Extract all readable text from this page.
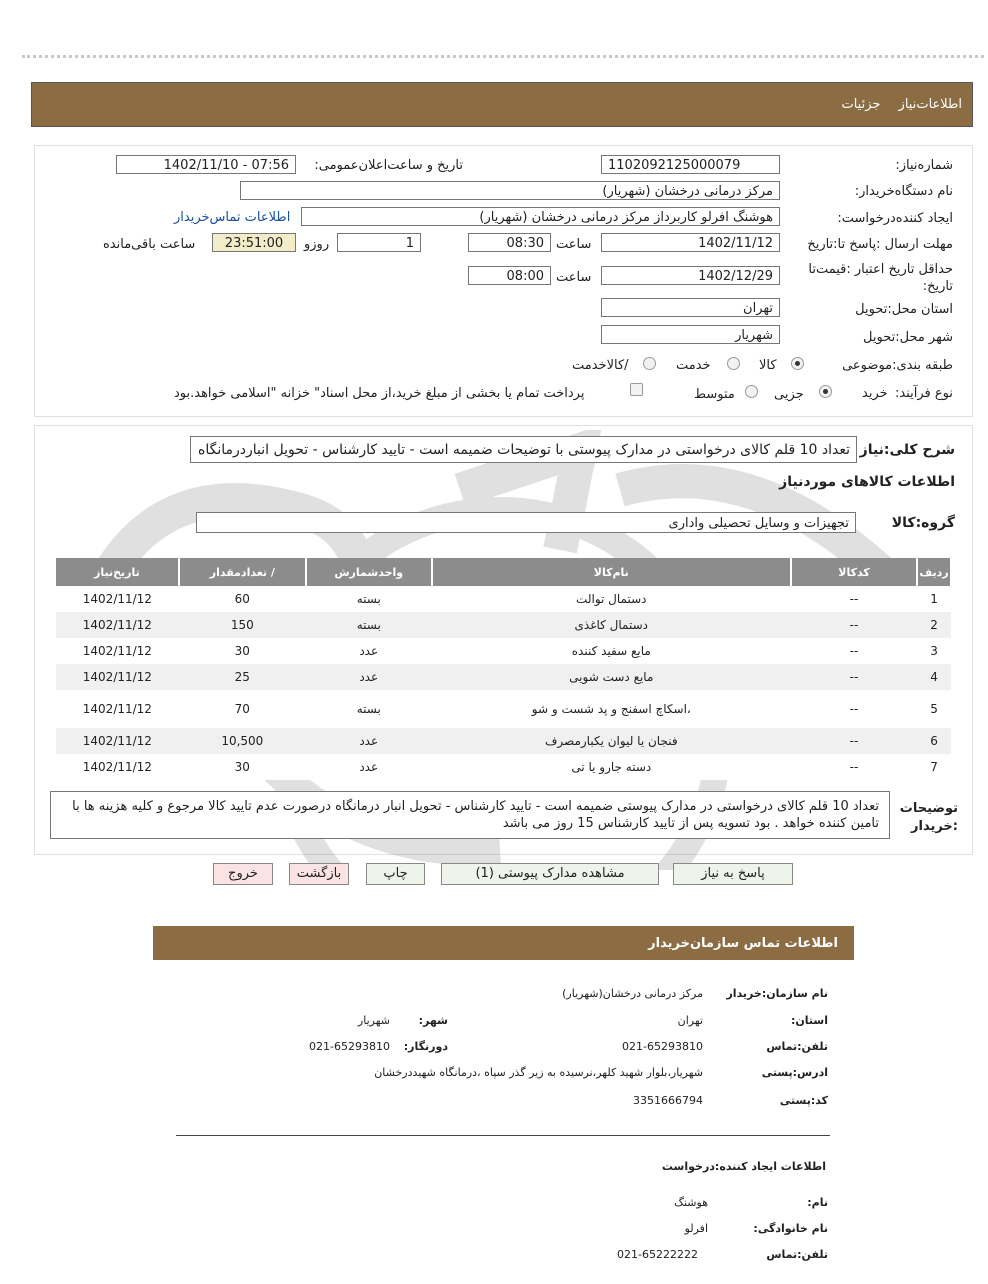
اطلاعات‌نیاز جزئیات
شماره‌نیاز:
1102092125000079
تاریخ و ساعت‌اعلان‌عمومی:
1402/11/10 - 07:56
نام دستگاه‌خریدار:
مرکز درمانی درخشان (شهریار)
ایجاد کننده‌درخواست:
هوشنگ افرلو کاربرداز مرکز درمانی درخشان (شهریار)
اطلاعات تماس‌خریدار
مهلت ارسال :پاسخ تا:تاریخ
1402/11/12
ساعت
08:30
1
روزو
23:51:00
ساعت باقی‌مانده
حداقل تاریخ اعتبار :قیمت‌تا تاریخ:
1402/12/29
ساعت
08:00
استان محل:تحویل
تهران
شهر محل:تحویل
شهریار
طبقه بندی:موضوعی
کالا
خدمت
/کالاخدمت
نوع فرآیند:
خرید
جزیی
متوسط
پرداخت تمام یا بخشی از مبلغ خرید،از محل اسناد" خزانه "اسلامی خواهد.بود
شرح کلی:نیاز
تعداد 10 قلم کالای درخواستی در مدارک پیوستی با توضیحات ضمیمه است - تایید کارشناس - تحویل انباردرمانگاه
اطلاعات کالاهای موردنیاز
گروه:کالا
تجهیزات و وسایل تحصیلی واداری
ردیف	کدکالا	نام‌کالا	واحدشمارش	/ تعدادمقدار	تاریخ‌نیاز
1	--	دستمال توالت	بسته	60	1402/11/12
2	--	دستمال کاغذی	بسته	150	1402/11/12
3	--	مایع سفید کننده	عدد	30	1402/11/12
4	--	مایع دست شویی	عدد	25	1402/11/12
5	--	،اسکاچ اسفنج و پد شست و شو	بسته	70	1402/11/12
6	--	فنجان یا لیوان یکبارمصرف	عدد	10,500	1402/11/12
7	--	دسته جارو یا تی	عدد	30	1402/11/12
توضیحات :خریدار
تعداد 10 قلم کالای درخواستی در مدارک پیوستی ضمیمه است - تایید کارشناس - تحویل انبار درمانگاه درصورت عدم تایید کالا مرجوع و کلیه هزینه ها با تامین کننده خواهد . بود تسویه پس از تایید کارشناس 15 روز می باشد
پاسخ به نیاز
مشاهده مدارک پیوستی (1)
چاپ
بازگشت
خروج
اطلاعات تماس سازمان‌خریدار
نام سازمان:خریدار
مرکز درمانی درخشان(شهریار)
استان:
تهران
شهر:
شهریار
تلفن:تماس
021-65293810
دورنگار:
021-65293810
ادرس:پستی
شهریار،بلوار شهید کلهر،نرسیده به زیر گذر سپاه ،درمانگاه شهیددرخشان
کد:پستی
3351666794
اطلاعات ایجاد کننده:درخواست
نام:
هوشنگ
نام خانوادگی:
افرلو
تلفن:تماس
021-65222222
